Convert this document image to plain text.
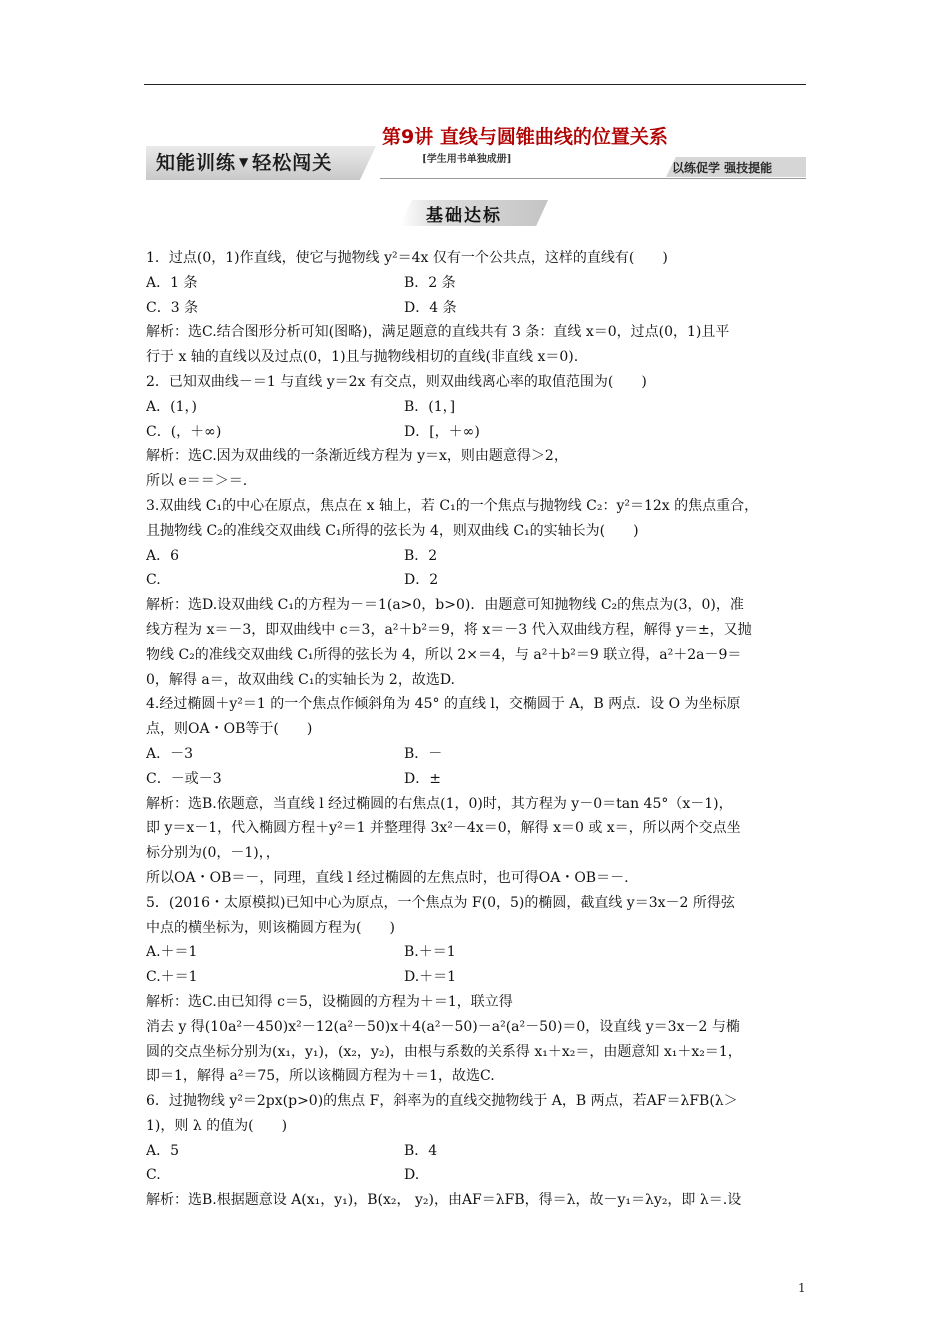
第9讲 直线与圆锥曲线的位置关系
知能训练 ▼ 轻松闯关	[学生用书单独成册]
以练促学 强技提能
基础达标
1．过点(0，1)作直线，使它与抛物线 y²＝4x 仅有一个公共点，这样的直线有(　　)
A．1 条	B．2 条
C．3 条	D．4 条
解析：选C.结合图形分析可知(图略)，满足题意的直线共有 3 条：直线 x＝0，过点(0，1)且平
行于 x 轴的直线以及过点(0，1)且与抛物线相切的直线(非直线 x＝0).
2．已知双曲线－＝1 与直线 y＝2x 有交点，则双曲线离心率的取值范围为(　　)
A．(1，)	B．(1，]
C．(，＋∞)	D．[，＋∞)
解析：选C.因为双曲线的一条渐近线方程为 y＝x，则由题意得＞2，
所以 e＝＝＞＝.
3.双曲线 C₁的中心在原点，焦点在 x 轴上，若 C₁的一个焦点与抛物线 C₂：y²＝12x 的焦点重合，
且抛物线 C₂的准线交双曲线 C₁所得的弦长为 4，则双曲线 C₁的实轴长为(　　)
A．6	B．2
C.	D．2
解析：选D.设双曲线 C₁的方程为－＝1(a>0，b>0)．由题意可知抛物线 C₂的焦点为(3，0)，准
线方程为 x＝－3，即双曲线中 c＝3，a²＋b²＝9，将 x＝－3 代入双曲线方程，解得 y＝±，又抛
物线 C₂的准线交双曲线 C₁所得的弦长为 4，所以 2×＝4，与 a²＋b²＝9 联立得，a²＋2a－9＝
0，解得 a＝，故双曲线 C₁的实轴长为 2，故选D.
4.经过椭圆＋y²＝1 的一个焦点作倾斜角为 45° 的直线 l，交椭圆于 A，B 两点．设 O 为坐标原
点，则OA・OB等于(　　)
A．－3	B．－
C．－或－3	D．±
解析：选B.依题意，当直线 l 经过椭圆的右焦点(1，0)时，其方程为 y－0＝tan 45°（x－1)，
即 y＝x－1，代入椭圆方程＋y²＝1 并整理得 3x²－4x＝0，解得 x＝0 或 x＝，所以两个交点坐
标分别为(0，－1)，，
所以OA・OB＝－，同理，直线 l 经过椭圆的左焦点时，也可得OA・OB＝－.
5．(2016・太原模拟)已知中心为原点，一个焦点为 F(0，5)的椭圆，截直线 y＝3x－2 所得弦
中点的横坐标为，则该椭圆方程为(　　)
A.＋＝1	B.＋＝1
C.＋＝1	D.＋＝1
解析：选C.由已知得 c＝5，设椭圆的方程为＋＝1，联立得
消去 y 得(10a²－450)x²－12(a²－50)x＋4(a²－50)－a²(a²－50)＝0，设直线 y＝3x－2 与椭
圆的交点坐标分别为(x₁，y₁)，(x₂，y₂)，由根与系数的关系得 x₁＋x₂＝，由题意知 x₁＋x₂＝1，
即＝1，解得 a²＝75，所以该椭圆方程为＋＝1，故选C.
6．过抛物线 y²＝2px(p>0)的焦点 F，斜率为的直线交抛物线于 A，B 两点，若AF＝λFB(λ＞
1)，则 λ 的值为(　　)
A．5	B．4
C.	D.
解析：选B.根据题意设 A(x₁，y₁)，B(x₂， y₂)，由AF＝λFB，得＝λ，故－y₁＝λy₂，即 λ＝.设
1
